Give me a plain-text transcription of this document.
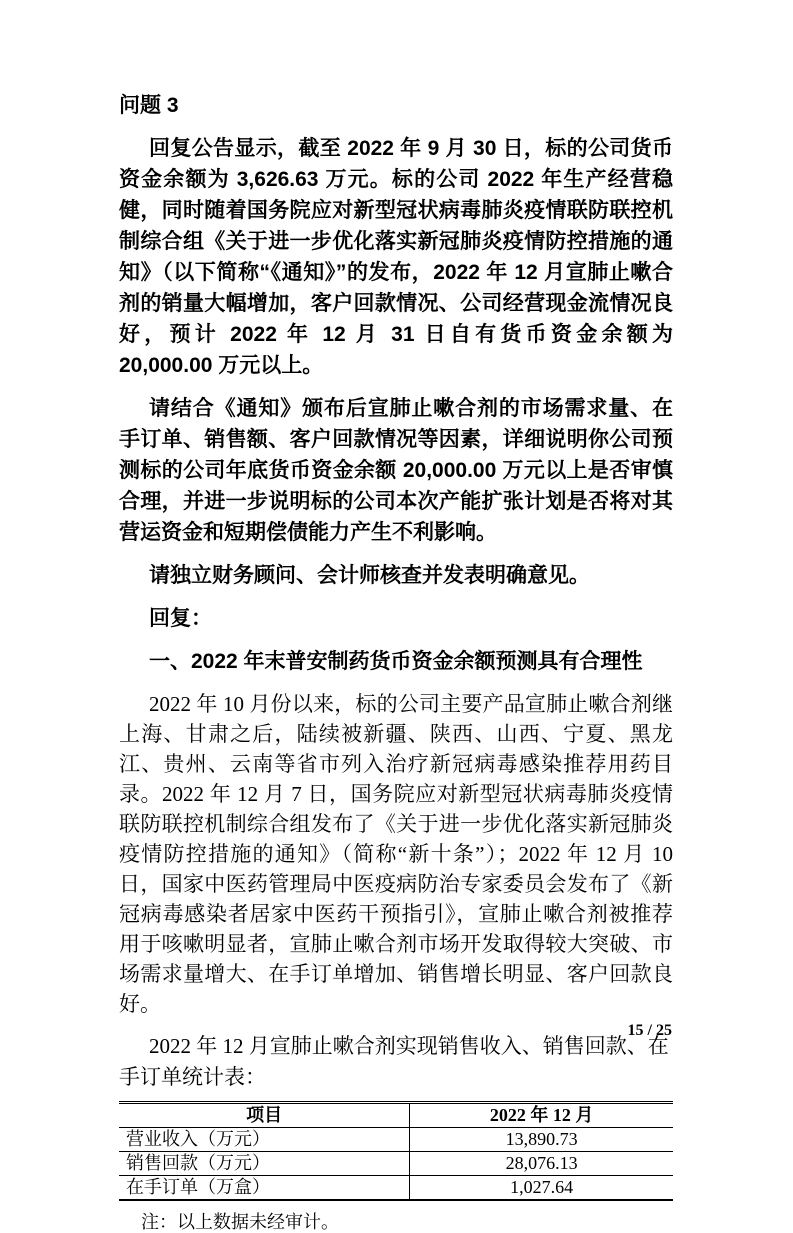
问题 3

回复公告显示，截至 2022 年 9 月 30 日，标的公司货币资金余额为 3,626.63 万元。标的公司 2022 年生产经营稳健，同时随着国务院应对新型冠状病毒肺炎疫情联防联控机制综合组《关于进一步优化落实新冠肺炎疫情防控措施的通知》（以下简称“《通知》”的发布，2022 年 12 月宣肺止嗽合剂的销量大幅增加，客户回款情况、公司经营现金流情况良好，预计 2022 年 12 月 31 日自有货币资金余额为 20,000.00 万元以上。

请结合《通知》颁布后宣肺止嗽合剂的市场需求量、在手订单、销售额、客户回款情况等因素，详细说明你公司预测标的公司年底货币资金余额 20,000.00 万元以上是否审慎合理，并进一步说明标的公司本次产能扩张计划是否将对其营运资金和短期偿债能力产生不利影响。

请独立财务顾问、会计师核查并发表明确意见。

回复：

一、2022 年末普安制药货币资金余额预测具有合理性

2022 年 10 月份以来，标的公司主要产品宣肺止嗽合剂继上海、甘肃之后，陆续被新疆、陕西、山西、宁夏、黑龙江、贵州、云南等省市列入治疗新冠病毒感染推荐用药目录。2022 年 12 月 7 日，国务院应对新型冠状病毒肺炎疫情联防联控机制综合组发布了《关于进一步优化落实新冠肺炎疫情防控措施的通知》（简称“新十条”）；2022 年 12 月 10 日，国家中医药管理局中医疫病防治专家委员会发布了《新冠病毒感染者居家中医药干预指引》，宣肺止嗽合剂被推荐用于咳嗽明显者，宣肺止嗽合剂市场开发取得较大突破、市场需求量增大、在手订单增加、销售增长明显、客户回款良好。

2022 年 12 月宣肺止嗽合剂实现销售收入、销售回款、在手订单统计表：

项目	2022 年 12 月
营业收入（万元）	13,890.73
销售回款（万元）	28,076.13
在手订单（万盒）	1,027.64

注：以上数据未经审计。

15 / 25
